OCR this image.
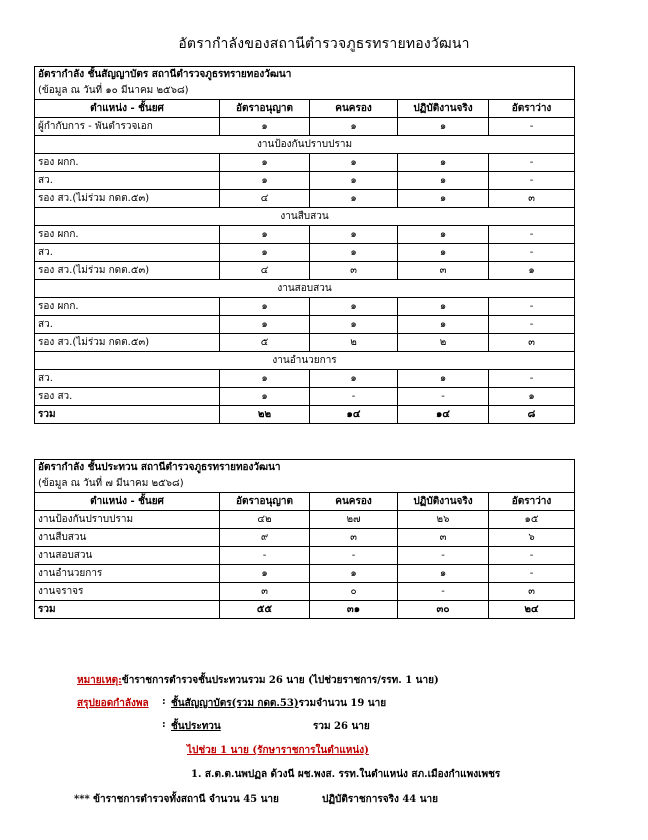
อัตรากำลังของสถานีตำรวจภูธรทรายทองวัฒนา
อัตรากำลัง ชั้นสัญญาบัตร สถานีตำรวจภูธรทรายทองวัฒนา
(ข้อมูล ณ วันที่ ๑๐ มีนาคม ๒๕๖๘)				

ตำแหน่ง - ชั้นยศ	อัตราอนุญาต	คนครอง	ปฏิบัติงานจริง	อัตราว่าง
ผู้กำกับการ - พันตำรวจเอก	๑	๑	๑	-
งานป้องกันปราบปราม				
รอง ผกก.	๑	๑	๑	-
สว.	๑	๑	๑	-
รอง สว.(ไม่ร่วม กดต.๕๓)	๔	๑	๑	๓
งานสืบสวน				
รอง ผกก.	๑	๑	๑	-
สว.	๑	๑	๑	-
รอง สว.(ไม่ร่วม กดต.๕๓)	๔	๓	๓	๑
งานสอบสวน				
รอง ผกก.	๑	๑	๑	-
สว.	๑	๑	๑	-
รอง สว.(ไม่ร่วม กดต.๕๓)	๕	๒	๒	๓
งานอำนวยการ				
สว.	๑	๑	๑	-
รอง สว.	๑	-	-	๑
รวม	๒๒	๑๔	๑๔	๘
อัตรากำลัง ชั้นประทวน สถานีตำรวจภูธรทรายทองวัฒนา
(ข้อมูล ณ วันที่ ๗ มีนาคม ๒๕๖๘)				

ตำแหน่ง - ชั้นยศ	อัตราอนุญาต	คนครอง	ปฏิบัติงานจริง	อัตราว่าง
งานป้องกันปราบปราม	๔๒	๒๗	๒๖	๑๕
งานสืบสวน	๙	๓	๓	๖
งานสอบสวน	-	-	-	-
งานอำนวยการ	๑	๑	๑	-
งานจราจร	๓	๐	-	๓
รวม	๕๕	๓๑	๓๐	๒๔
หมายเหตุ:ข้าราชการตำรวจชั้นประทวนรวม 26 นาย (ไปช่วยราชการ/รรท. 1 นาย)
สรุปยอดกำลังพล : ชั้นสัญญาบัตร(รวม กดต.53)รวมจำนวน 19 นาย
: ชั้นประทวน	รวม 26 นาย
ไปช่วย 1 นาย (รักษาราชการในตำแหน่ง)
1. ส.ต.ต.นพปฏล ด้วงนี ผช.พงส. รรท.ในตำแหน่ง สภ.เมืองกำแพงเพชร
*** ข้าราชการตำรวจทั้งสถานี จำนวน 45 นาย	ปฏิบัติราชการจริง 44 นาย
